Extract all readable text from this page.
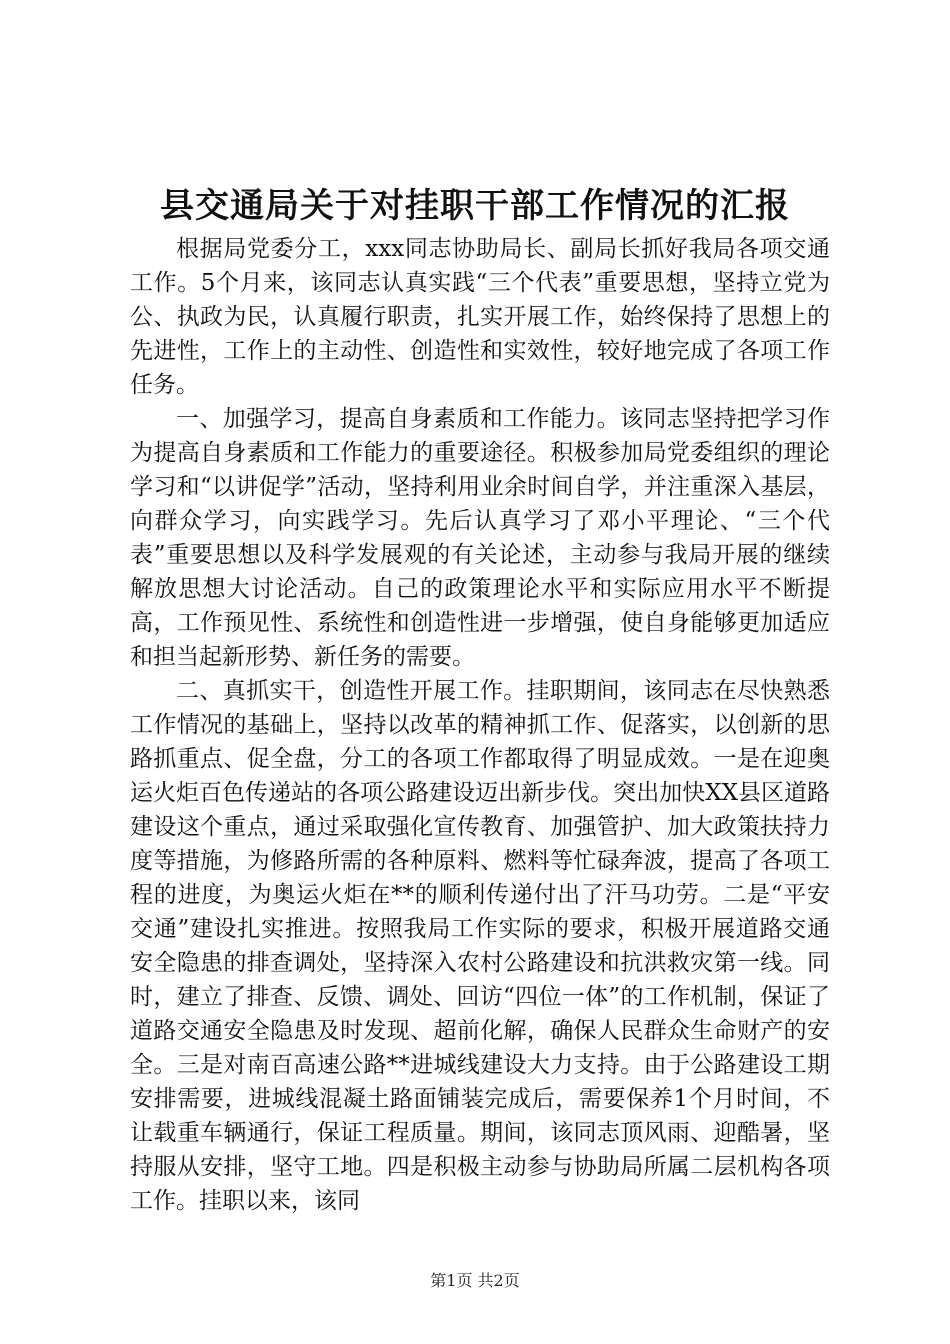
县交通局关于对挂职干部工作情况的汇报

根据局党委分工，xxx同志协助局长、副局长抓好我局各项交通工作。5个月来，该同志认真实践“三个代表”重要思想，坚持立党为公、执政为民，认真履行职责，扎实开展工作，始终保持了思想上的先进性，工作上的主动性、创造性和实效性，较好地完成了各项工作任务。

一、加强学习，提高自身素质和工作能力。该同志坚持把学习作为提高自身素质和工作能力的重要途径。积极参加局党委组织的理论学习和“以讲促学”活动，坚持利用业余时间自学，并注重深入基层，向群众学习，向实践学习。先后认真学习了邓小平理论、“三个代表”重要思想以及科学发展观的有关论述，主动参与我局开展的继续解放思想大讨论活动。自己的政策理论水平和实际应用水平不断提高，工作预见性、系统性和创造性进一步增强，使自身能够更加适应和担当起新形势、新任务的需要。

二、真抓实干，创造性开展工作。挂职期间，该同志在尽快熟悉工作情况的基础上，坚持以改革的精神抓工作、促落实，以创新的思路抓重点、促全盘，分工的各项工作都取得了明显成效。一是在迎奥运火炬百色传递站的各项公路建设迈出新步伐。突出加快XX县区道路建设这个重点，通过采取强化宣传教育、加强管护、加大政策扶持力度等措施，为修路所需的各种原料、燃料等忙碌奔波，提高了各项工程的进度，为奥运火炬在**的顺利传递付出了汗马功劳。二是“平安交通”建设扎实推进。按照我局工作实际的要求，积极开展道路交通安全隐患的排查调处，坚持深入农村公路建设和抗洪救灾第一线。同时，建立了排查、反馈、调处、回访“四位一体”的工作机制，保证了道路交通安全隐患及时发现、超前化解，确保人民群众生命财产的安全。三是对南百高速公路**进城线建设大力支持。由于公路建设工期安排需要，进城线混凝土路面铺装完成后，需要保养1个月时间，不让载重车辆通行，保证工程质量。期间，该同志顶风雨、迎酷暑，坚持服从安排，坚守工地。四是积极主动参与协助局所属二层机构各项工作。挂职以来，该同

第1页 共2页
